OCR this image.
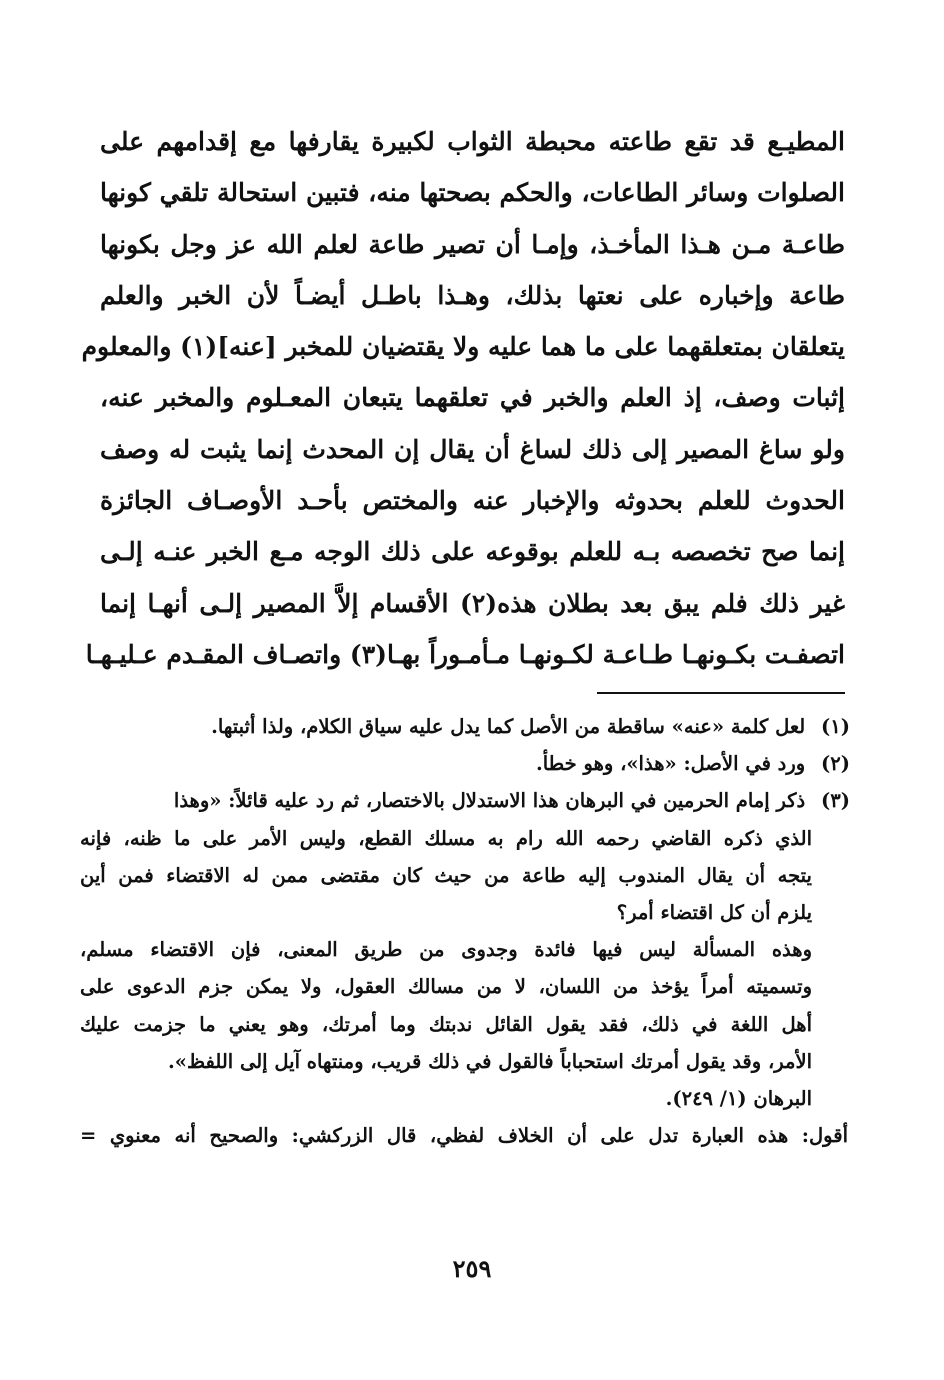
المطيـع قد تقع طاعته محبطة الثواب لكبيرة يقارفها مع إقدامهم على
الصلوات وسائر الطاعات، والحكم بصحتها منه، فتبين استحالة تلقي كونها
طاعـة مـن هـذا المأخـذ، وإمـا أن تصير طاعة لعلم الله عز وجل بكونها
طاعة وإخباره على نعتها بذلك، وهـذا باطـل أيضـاً لأن الخبر والعلم
يتعلقان بمتعلقهما على ما هما عليه ولا يقتضيان للمخبر [عنه](١) والمعلوم
إثبات وصف، إذ العلم والخبر في تعلقهما يتبعان المعـلوم والمخبر عنه،
ولو ساغ المصير إلى ذلك لساغ أن يقال إن المحدث إنما يثبت له وصف
الحدوث للعلم بحدوثه والإخبار عنه والمختص بأحـد الأوصـاف الجائزة
إنما صح تخصصه بـه للعلم بوقوعه على ذلك الوجه مـع الخبر عنـه إلـى
غير ذلك فلم يبق بعد بطلان هذه(٢) الأقسام إلاَّ المصير إلـى أنهـا إنما
اتصفـت بكـونهـا طـاعـة لكـونهـا مـأمـوراً بهـا(٣) واتصـاف المقـدم عـليـهـا
(١) لعل كلمة «عنه» ساقطة من الأصل كما يدل عليه سياق الكلام، ولذا أثبتها.
(٢) ورد في الأصل: «هذا»، وهو خطأ.
(٣) ذكر إمام الحرمين في البرهان هذا الاستدلال بالاختصار، ثم رد عليه قائلاً: «وهذا
الذي ذكره القاضي رحمه الله رام به مسلك القطع، وليس الأمر على ما ظنه، فإنه
يتجه أن يقال المندوب إليه طاعة من حيث كان مقتضى ممن له الاقتضاء فمن أين
يلزم أن كل اقتضاء أمر؟
وهذه المسألة ليس فيها فائدة وجدوى من طريق المعنى، فإن الاقتضاء مسلم،
وتسميته أمراً يؤخذ من اللسان، لا من مسالك العقول، ولا يمكن جزم الدعوى على
أهل اللغة في ذلك، فقد يقول القائل ندبتك وما أمرتك، وهو يعني ما جزمت عليك
الأمر، وقد يقول أمرتك استحباباً فالقول في ذلك قريب، ومنتهاه آيل إلى اللفظ».
البرهان (١/ ٢٤٩).
أقول: هذه العبارة تدل على أن الخلاف لفظي، قال الزركشي: والصحيح أنه معنوي =
٢٥٩
